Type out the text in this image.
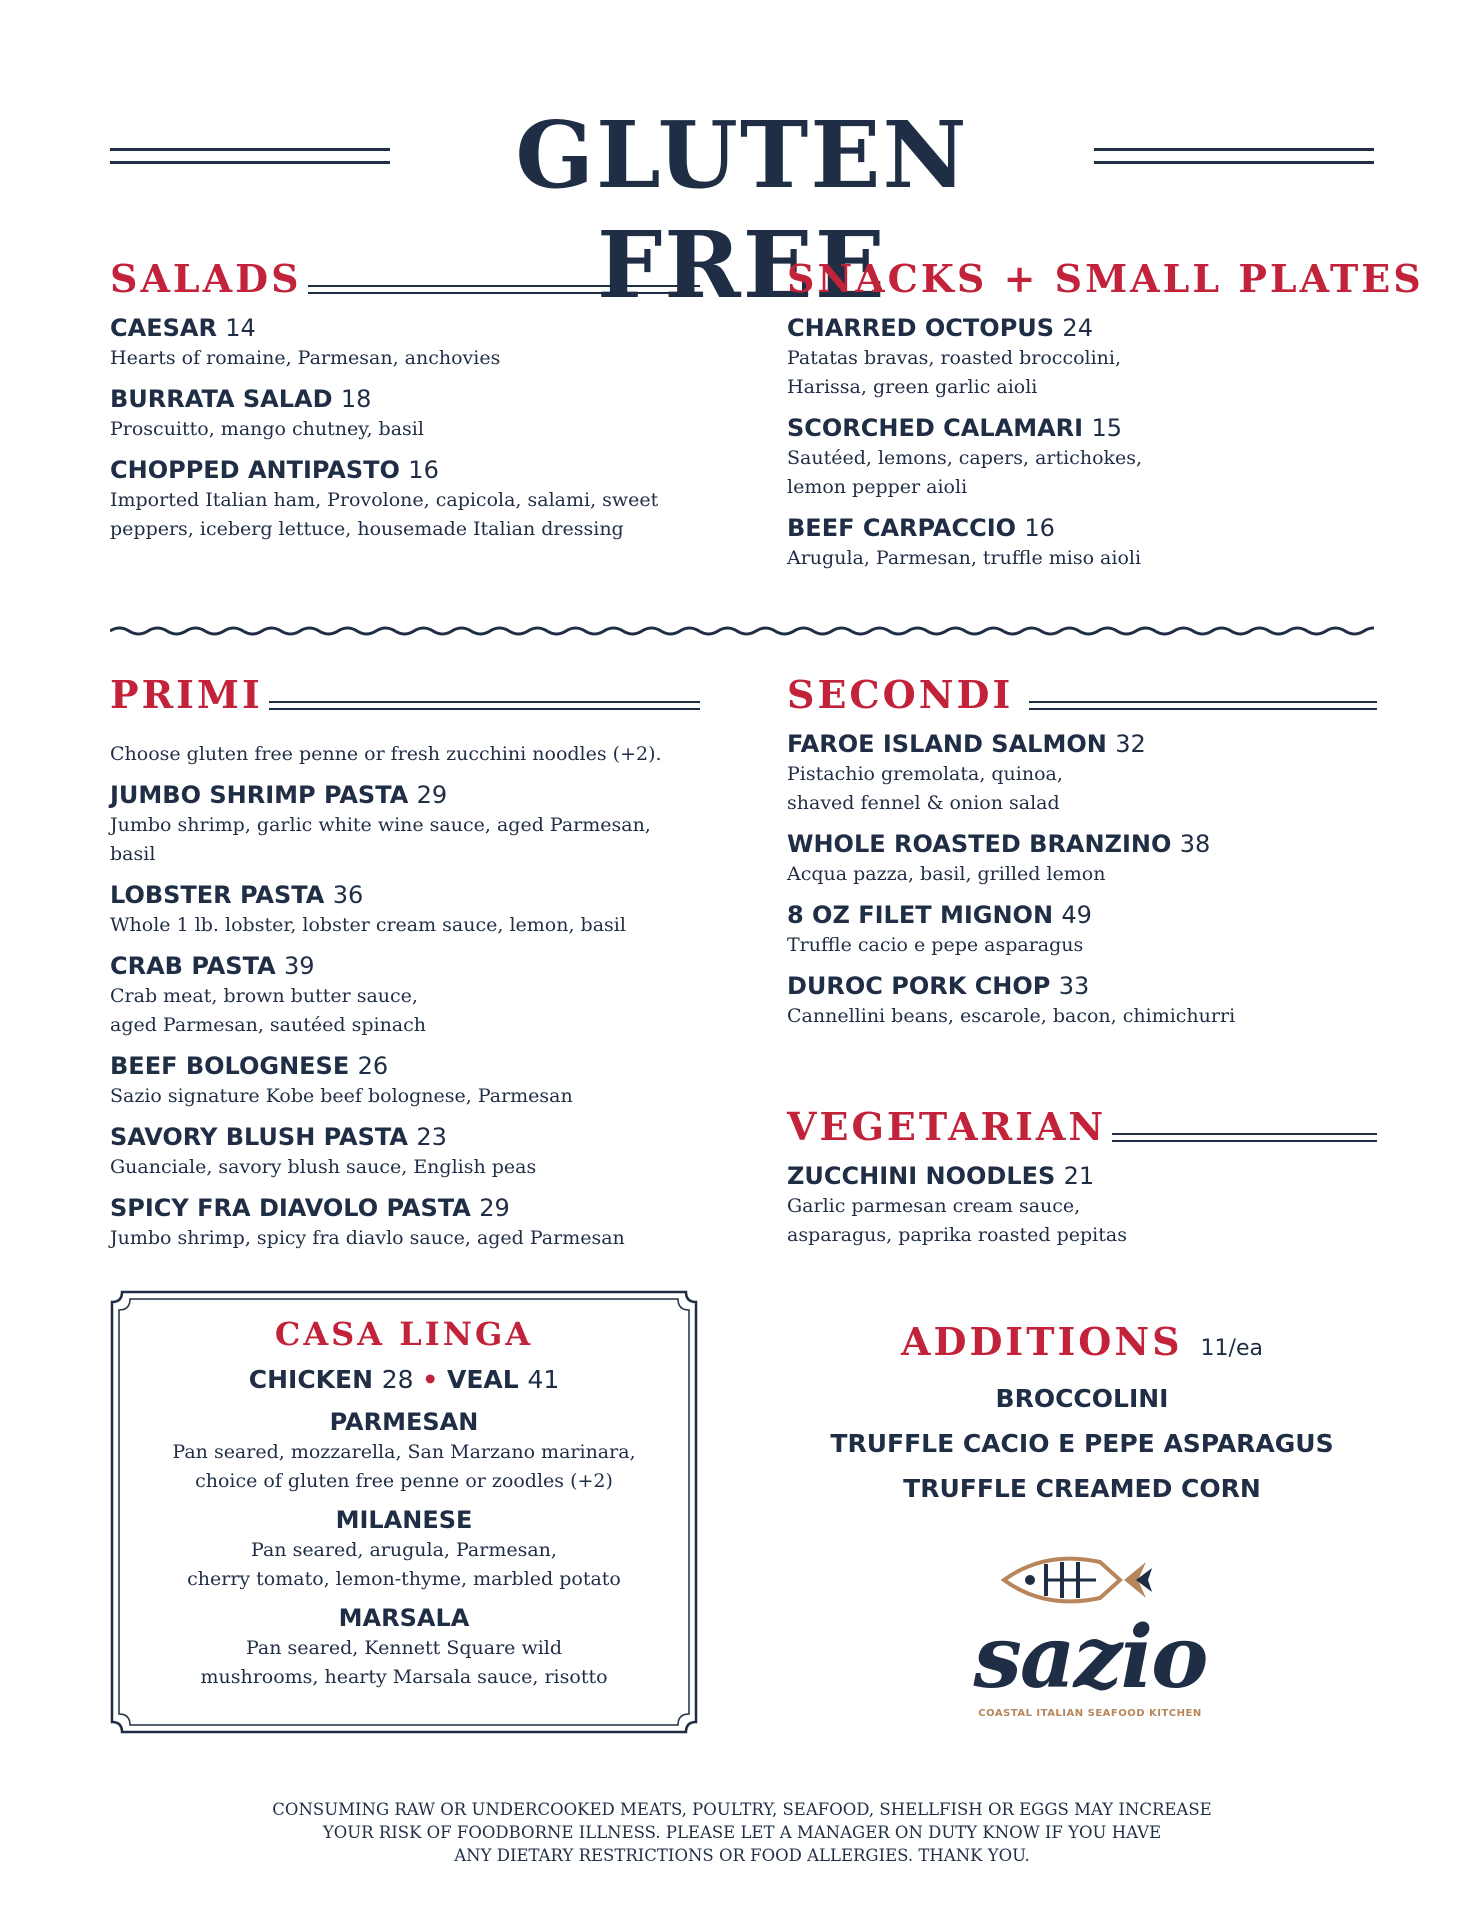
GLUTEN FREE
SALADS
CAESAR 14
Hearts of romaine, Parmesan, anchovies
BURRATA SALAD 18
Proscuitto, mango chutney, basil
CHOPPED ANTIPASTO 16
Imported Italian ham, Provolone, capicola, salami, sweet
peppers, iceberg lettuce, housemade Italian dressing
SNACKS + SMALL PLATES
CHARRED OCTOPUS 24
Patatas bravas, roasted broccolini,
Harissa, green garlic aioli
SCORCHED CALAMARI 15
Sautéed, lemons, capers, artichokes,
lemon pepper aioli
BEEF CARPACCIO 16
Arugula, Parmesan, truffle miso aioli
PRIMI
Choose gluten free penne or fresh zucchini noodles (+2).
JUMBO SHRIMP PASTA 29
Jumbo shrimp, garlic white wine sauce, aged Parmesan, basil
LOBSTER PASTA 36
Whole 1 lb. lobster, lobster cream sauce, lemon, basil
CRAB PASTA 39
Crab meat, brown butter sauce,
aged Parmesan, sautéed spinach
BEEF BOLOGNESE 26
Sazio signature Kobe beef bolognese, Parmesan
SAVORY BLUSH PASTA 23
Guanciale, savory blush sauce, English peas
SPICY FRA DIAVOLO PASTA 29
Jumbo shrimp, spicy fra diavlo sauce, aged Parmesan
SECONDI
FAROE ISLAND SALMON 32
Pistachio gremolata, quinoa,
shaved fennel & onion salad
WHOLE ROASTED BRANZINO 38
Acqua pazza, basil, grilled lemon
8 OZ FILET MIGNON 49
Truffle cacio e pepe asparagus
DUROC PORK CHOP 33
Cannellini beans, escarole, bacon, chimichurri
VEGETARIAN
ZUCCHINI NOODLES 21
Garlic parmesan cream sauce,
asparagus, paprika roasted pepitas
CASA LINGA
CHICKEN 28 • VEAL 41
PARMESAN
Pan seared, mozzarella, San Marzano marinara,
choice of gluten free penne or zoodles (+2)
MILANESE
Pan seared, arugula, Parmesan,
cherry tomato, lemon-thyme, marbled potato
MARSALA
Pan seared, Kennett Square wild
mushrooms, hearty Marsala sauce, risotto
ADDITIONS 11/ea
BROCCOLINI
TRUFFLE CACIO E PEPE ASPARAGUS
TRUFFLE CREAMED CORN
sazio
COASTAL ITALIAN SEAFOOD KITCHEN
CONSUMING RAW OR UNDERCOOKED MEATS, POULTRY, SEAFOOD, SHELLFISH OR EGGS MAY INCREASE
YOUR RISK OF FOODBORNE ILLNESS. PLEASE LET A MANAGER ON DUTY KNOW IF YOU HAVE
ANY DIETARY RESTRICTIONS OR FOOD ALLERGIES. THANK YOU.
